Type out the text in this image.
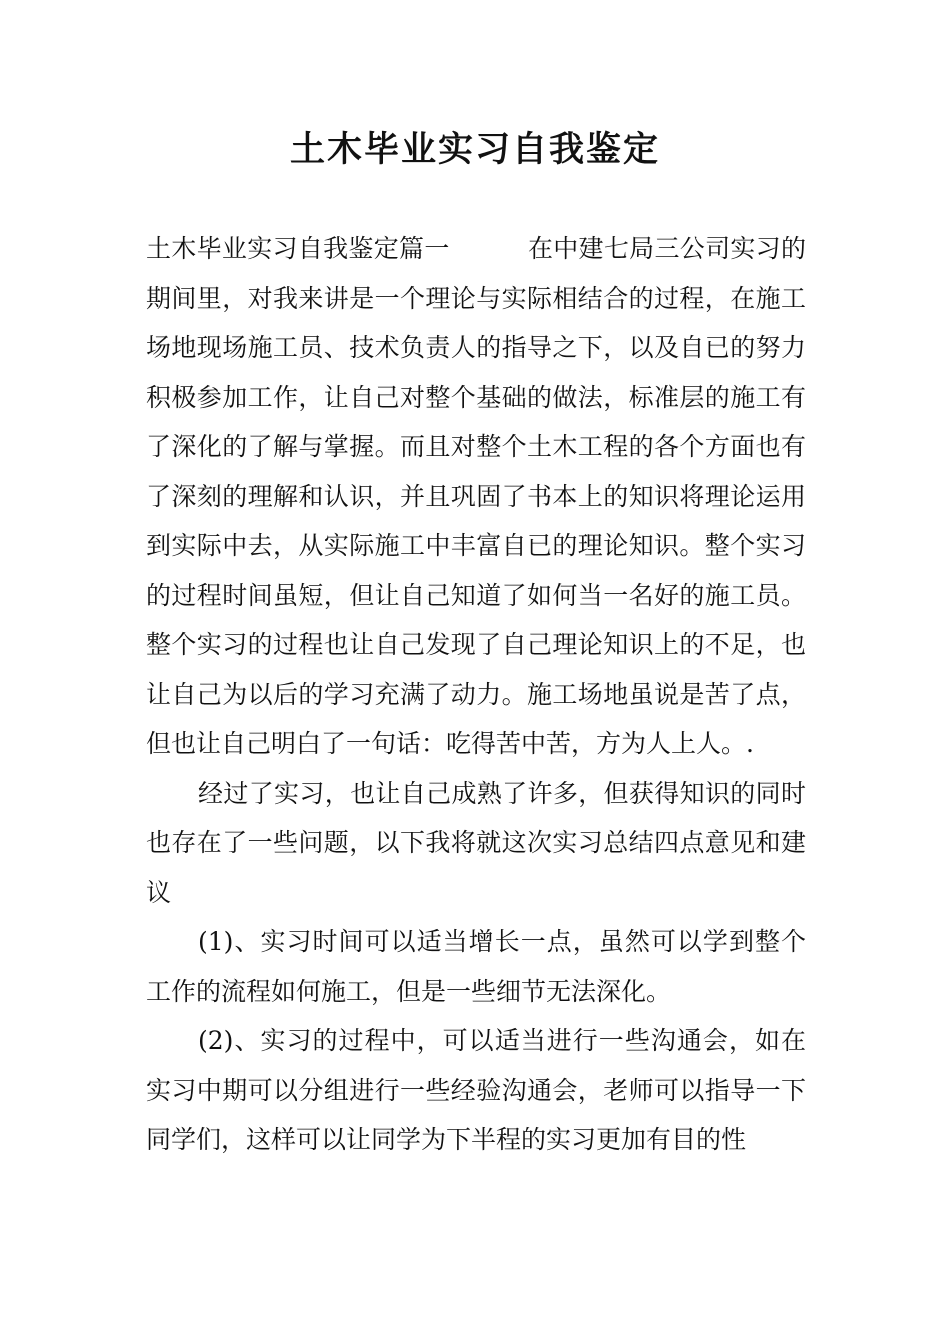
土木毕业实习自我鉴定

土木毕业实习自我鉴定篇一	在中建七局三公司实习的期间里，对我来讲是一个理论与实际相结合的过程，在施工场地现场施工员、技术负责人的指导之下，以及自已的努力积极参加工作，让自己对整个基础的做法，标准层的施工有了深化的了解与掌握。而且对整个土木工程的各个方面也有了深刻的理解和认识，并且巩固了书本上的知识将理论运用到实际中去，从实际施工中丰富自已的理论知识。整个实习的过程时间虽短，但让自己知道了如何当一名好的施工员。整个实习的过程也让自己发现了自己理论知识上的不足，也让自己为以后的学习充满了动力。施工场地虽说是苦了点，但也让自己明白了一句话：吃得苦中苦，方为人上人。.

经过了实习，也让自己成熟了许多，但获得知识的同时也存在了一些问题，以下我将就这次实习总结四点意见和建议

(1)、实习时间可以适当增长一点，虽然可以学到整个工作的流程如何施工，但是一些细节无法深化。

(2)、实习的过程中，可以适当进行一些沟通会，如在实习中期可以分组进行一些经验沟通会，老师可以指导一下同学们，这样可以让同学为下半程的实习更加有目的性
